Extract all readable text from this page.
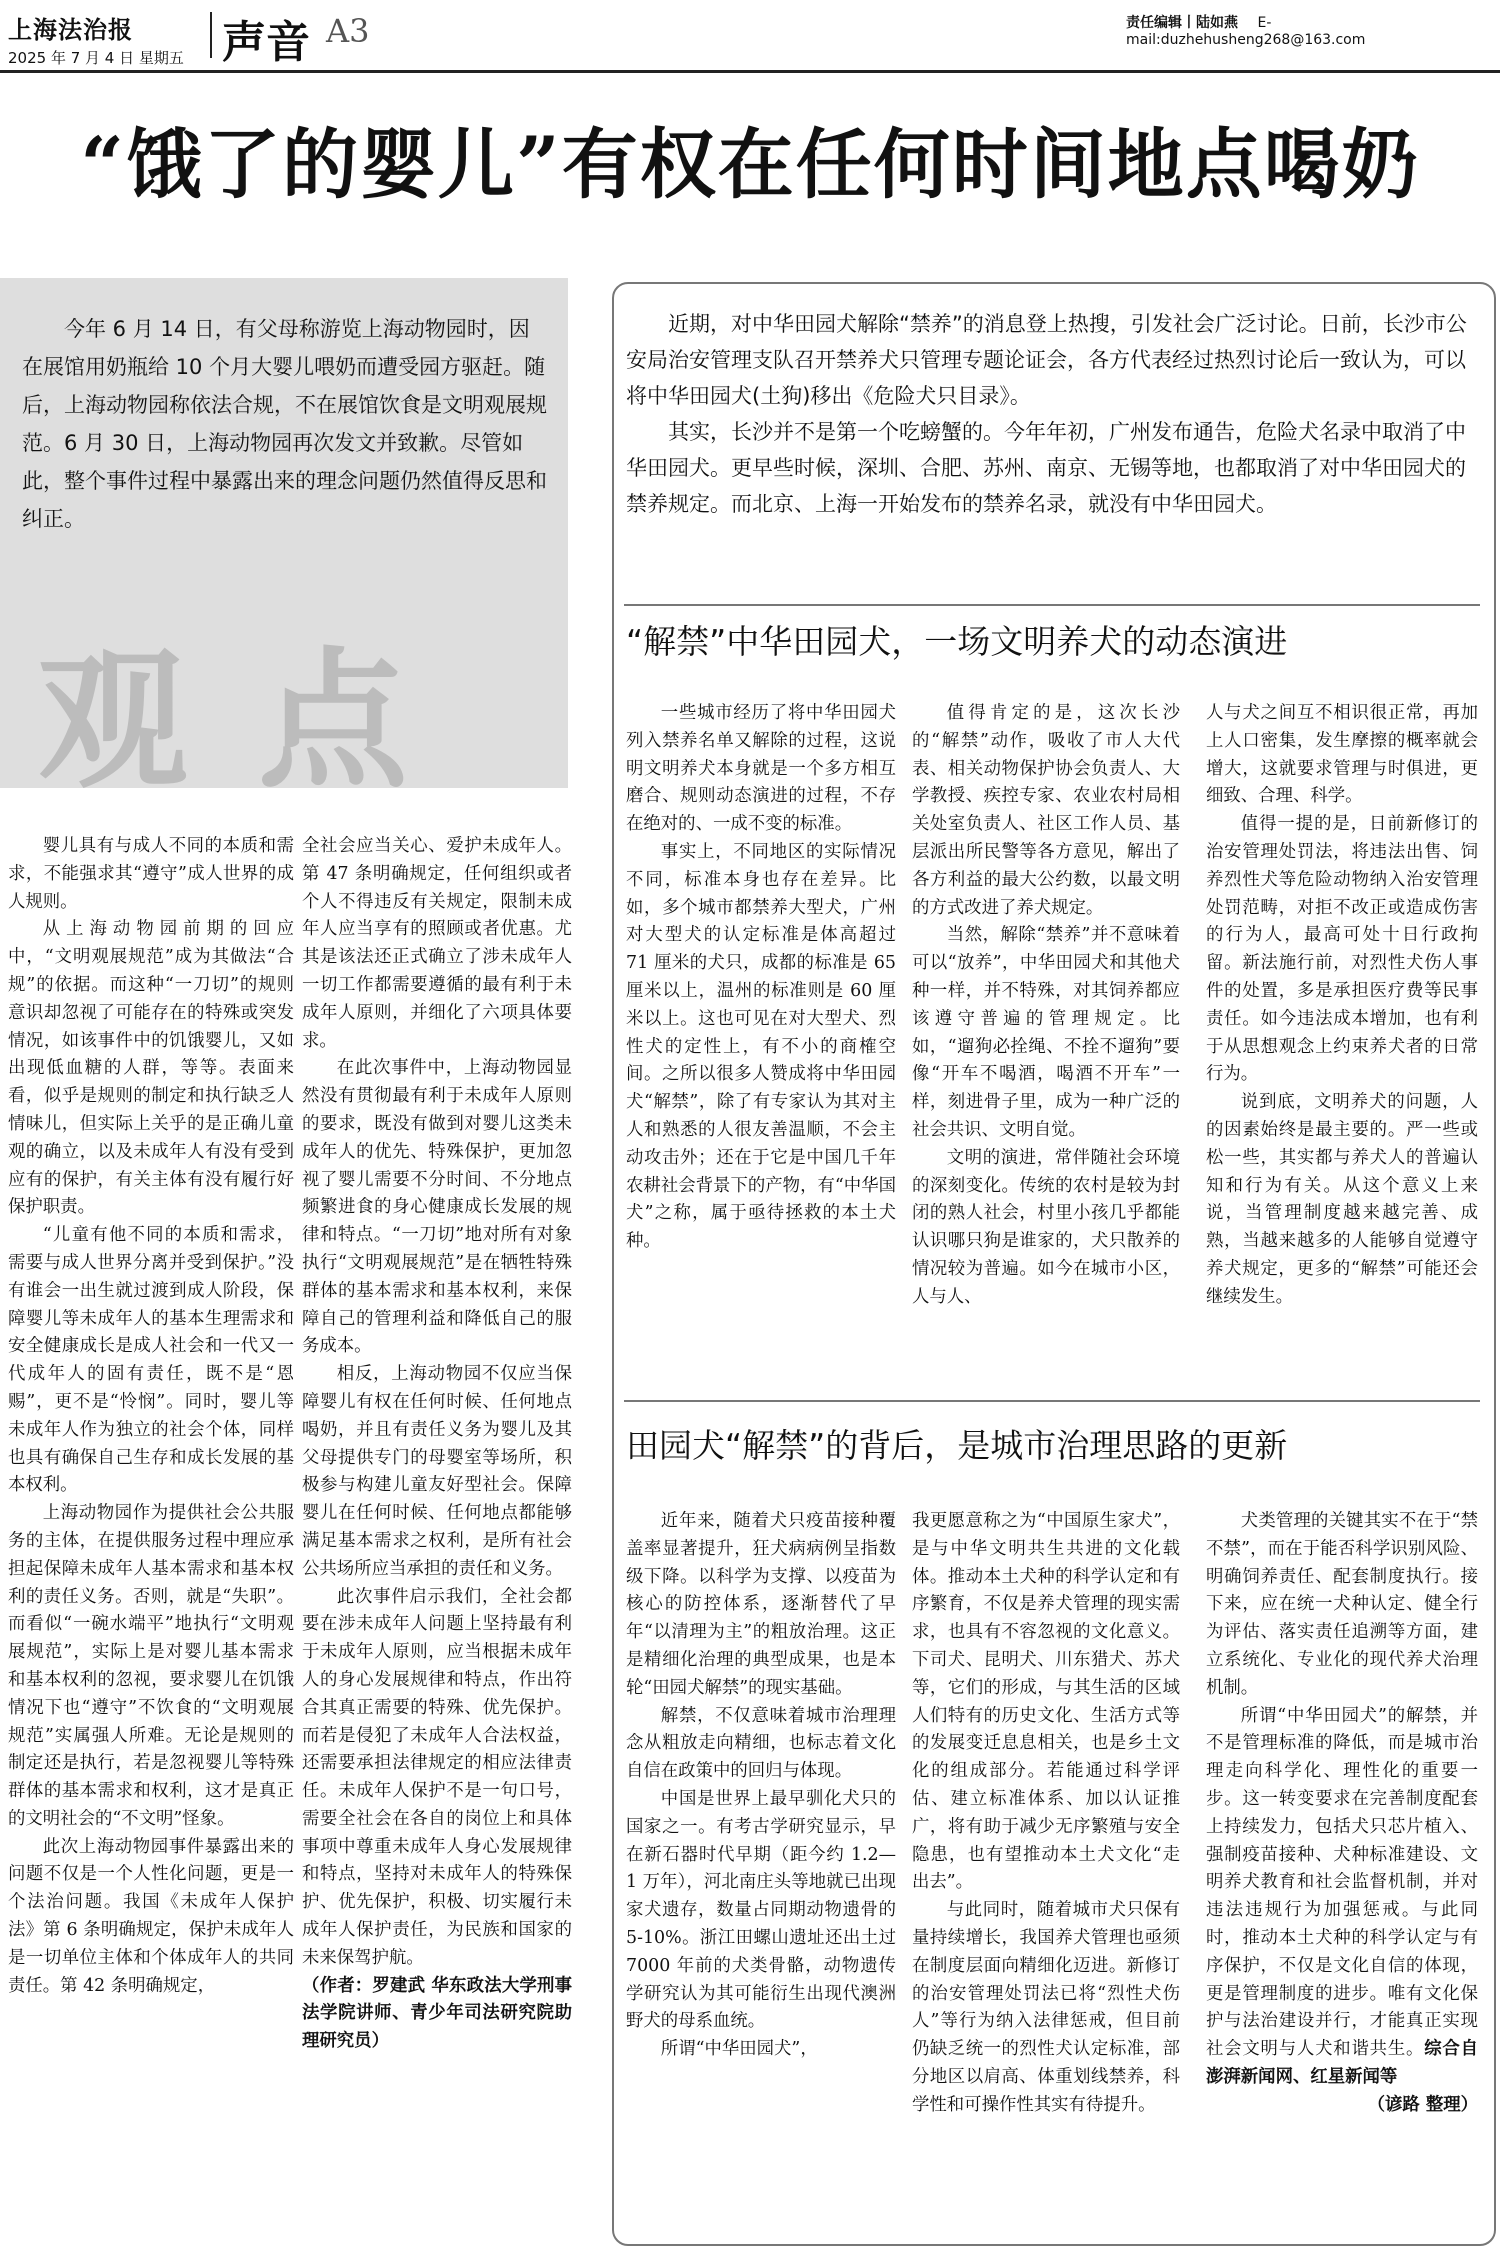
上海法治报
2025 年 7 月 4 日 星期五 声音 A3	责任编辑丨陆如燕 E-mail:duzhehusheng268@163.com
“饿了的婴儿”有权在任何时间地点喝奶

今年 6 月 14 日，有父母称游览上海动物园时，因在展馆用奶瓶给 10 个月大婴儿喂奶而遭受园方驱赶。随后，上海动物园称依法合规，不在展馆饮食是文明观展规范。6 月 30 日，上海动物园再次发文并致歉。尽管如此，整个事件过程中暴露出来的理念问题仍然值得反思和纠正。

观点

婴儿具有与成人不同的本质和需求，不能强求其“遵守”成人世界的成人规则。

从上海动物园前期的回应中，“文明观展规范”成为其做法“合规”的依据。而这种“一刀切”的规则意识却忽视了可能存在的特殊或突发情况，如该事件中的饥饿婴儿，又如出现低血糖的人群，等等。表面来看，似乎是规则的制定和执行缺乏人情味儿，但实际上关乎的是正确儿童观的确立，以及未成年人有没有受到应有的保护，有关主体有没有履行好保护职责。

“儿童有他不同的本质和需求，需要与成人世界分离并受到保护。”没有谁会一出生就过渡到成人阶段，保障婴儿等未成年人的基本生理需求和安全健康成长是成人社会和一代又一代成年人的固有责任，既不是“恩赐”，更不是“怜悯”。同时，婴儿等未成年人作为独立的社会个体，同样也具有确保自己生存和成长发展的基本权利。

上海动物园作为提供社会公共服务的主体，在提供服务过程中理应承担起保障未成年人基本需求和基本权利的责任义务。否则，就是“失职”。而看似“一碗水端平”地执行“文明观展规范”，实际上是对婴儿基本需求和基本权利的忽视，要求婴儿在饥饿情况下也“遵守”不饮食的“文明观展规范”实属强人所难。无论是规则的制定还是执行，若是忽视婴儿等特殊群体的基本需求和权利，这才是真正的文明社会的“不文明”怪象。

此次上海动物园事件暴露出来的问题不仅是一个人性化问题，更是一个法治问题。我国《未成年人保护法》第 6 条明确规定，保护未成年人是一切单位主体和个体成年人的共同责任。第 42 条明确规定，

全社会应当关心、爱护未成年人。第 47 条明确规定，任何组织或者个人不得违反有关规定，限制未成年人应当享有的照顾或者优惠。尤其是该法还正式确立了涉未成年人一切工作都需要遵循的最有利于未成年人原则，并细化了六项具体要求。

在此次事件中，上海动物园显然没有贯彻最有利于未成年人原则的要求，既没有做到对婴儿这类未成年人的优先、特殊保护，更加忽视了婴儿需要不分时间、不分地点频繁进食的身心健康成长发展的规律和特点。“一刀切”地对所有对象执行“文明观展规范”是在牺牲特殊群体的基本需求和基本权利，来保障自己的管理利益和降低自己的服务成本。

相反，上海动物园不仅应当保障婴儿有权在任何时候、任何地点喝奶，并且有责任义务为婴儿及其父母提供专门的母婴室等场所，积极参与构建儿童友好型社会。保障婴儿在任何时候、任何地点都能够满足基本需求之权利，是所有社会公共场所应当承担的责任和义务。

此次事件启示我们，全社会都要在涉未成年人问题上坚持最有利于未成年人原则，应当根据未成年人的身心发展规律和特点，作出符合其真正需要的特殊、优先保护。而若是侵犯了未成年人合法权益，还需要承担法律规定的相应法律责任。未成年人保护不是一句口号，需要全社会在各自的岗位上和具体事项中尊重未成年人身心发展规律和特点，坚持对未成年人的特殊保护、优先保护，积极、切实履行未成年人保护责任，为民族和国家的未来保驾护航。

（作者：罗建武 华东政法大学刑事法学院讲师、青少年司法研究院助理研究员）

近期，对中华田园犬解除“禁养”的消息登上热搜，引发社会广泛讨论。日前，长沙市公安局治安管理支队召开禁养犬只管理专题论证会，各方代表经过热烈讨论后一致认为，可以将中华田园犬(土狗)移出《危险犬只目录》。

其实，长沙并不是第一个吃螃蟹的。今年年初，广州发布通告，危险犬名录中取消了中华田园犬。更早些时候，深圳、合肥、苏州、南京、无锡等地，也都取消了对中华田园犬的禁养规定。而北京、上海一开始发布的禁养名录，就没有中华田园犬。

“解禁”中华田园犬，一场文明养犬的动态演进

一些城市经历了将中华田园犬列入禁养名单又解除的过程，这说明文明养犬本身就是一个多方相互磨合、规则动态演进的过程，不存在绝对的、一成不变的标准。

事实上，不同地区的实际情况不同，标准本身也存在差异。比如，多个城市都禁养大型犬，广州对大型犬的认定标准是体高超过 71 厘米的犬只，成都的标准是 65 厘米以上，温州的标准则是 60 厘米以上。这也可见在对大型犬、烈性犬的定性上，有不小的商榷空间。之所以很多人赞成将中华田园犬“解禁”，除了有专家认为其对主人和熟悉的人很友善温顺，不会主动攻击外；还在于它是中国几千年农耕社会背景下的产物，有“中华国犬”之称，属于亟待拯救的本土犬种。

值得肯定的是，这次长沙的“解禁”动作，吸收了市人大代表、相关动物保护协会负责人、大学教授、疾控专家、农业农村局相关处室负责人、社区工作人员、基层派出所民警等各方意见，解出了各方利益的最大公约数，以最文明的方式改进了养犬规定。

当然，解除“禁养”并不意味着可以“放养”，中华田园犬和其他犬种一样，并不特殊，对其饲养都应该遵守普遍的管理规定。比如，“遛狗必拴绳、不拴不遛狗”要像“开车不喝酒，喝酒不开车”一样，刻进骨子里，成为一种广泛的社会共识、文明自觉。

文明的演进，常伴随社会环境的深刻变化。传统的农村是较为封闭的熟人社会，村里小孩几乎都能认识哪只狗是谁家的，犬只散养的情况较为普遍。如今在城市小区，人与人、

人与犬之间互不相识很正常，再加上人口密集，发生摩擦的概率就会增大，这就要求管理与时俱进，更细致、合理、科学。

值得一提的是，日前新修订的治安管理处罚法，将违法出售、饲养烈性犬等危险动物纳入治安管理处罚范畴，对拒不改正或造成伤害的行为人，最高可处十日行政拘留。新法施行前，对烈性犬伤人事件的处置，多是承担医疗费等民事责任。如今违法成本增加，也有利于从思想观念上约束养犬者的日常行为。

说到底，文明养犬的问题，人的因素始终是最主要的。严一些或松一些，其实都与养犬人的普遍认知和行为有关。从这个意义上来说，当管理制度越来越完善、成熟，当越来越多的人能够自觉遵守养犬规定，更多的“解禁”可能还会继续发生。

田园犬“解禁”的背后，是城市治理思路的更新

近年来，随着犬只疫苗接种覆盖率显著提升，狂犬病病例呈指数级下降。以科学为支撑、以疫苗为核心的防控体系，逐渐替代了早年“以清理为主”的粗放治理。这正是精细化治理的典型成果，也是本轮“田园犬解禁”的现实基础。

解禁，不仅意味着城市治理理念从粗放走向精细，也标志着文化自信在政策中的回归与体现。

中国是世界上最早驯化犬只的国家之一。有考古学研究显示，早在新石器时代早期（距今约 1.2—1 万年），河北南庄头等地就已出现家犬遗存，数量占同期动物遗骨的 5-10%。浙江田螺山遗址还出土过 7000 年前的犬类骨骼，动物遗传学研究认为其可能衍生出现代澳洲野犬的母系血统。

所谓“中华田园犬”，

我更愿意称之为“中国原生家犬”，是与中华文明共生共进的文化载体。推动本土犬种的科学认定和有序繁育，不仅是养犬管理的现实需求，也具有不容忽视的文化意义。下司犬、昆明犬、川东猎犬、苏犬等，它们的形成，与其生活的区域人们特有的历史文化、生活方式等的发展变迁息息相关，也是乡土文化的组成部分。若能通过科学评估、建立标准体系、加以认证推广，将有助于减少无序繁殖与安全隐患，也有望推动本土犬文化“走出去”。

与此同时，随着城市犬只保有量持续增长，我国养犬管理也亟须在制度层面向精细化迈进。新修订的治安管理处罚法已将“烈性犬伤人”等行为纳入法律惩戒，但目前仍缺乏统一的烈性犬认定标准，部分地区以肩高、体重划线禁养，科学性和可操作性其实有待提升。

犬类管理的关键其实不在于“禁不禁”，而在于能否科学识别风险、明确饲养责任、配套制度执行。接下来，应在统一犬种认定、健全行为评估、落实责任追溯等方面，建立系统化、专业化的现代养犬治理机制。

所谓“中华田园犬”的解禁，并不是管理标准的降低，而是城市治理走向科学化、理性化的重要一步。这一转变要求在完善制度配套上持续发力，包括犬只芯片植入、强制疫苗接种、犬种标准建设、文明养犬教育和社会监督机制，并对违法违规行为加强惩戒。与此同时，推动本土犬种的科学认定与有序保护，不仅是文化自信的体现，更是管理制度的进步。唯有文化保护与法治建设并行，才能真正实现社会文明与人犬和谐共生。综合自澎湃新闻网、红星新闻等

（谚路 整理）
